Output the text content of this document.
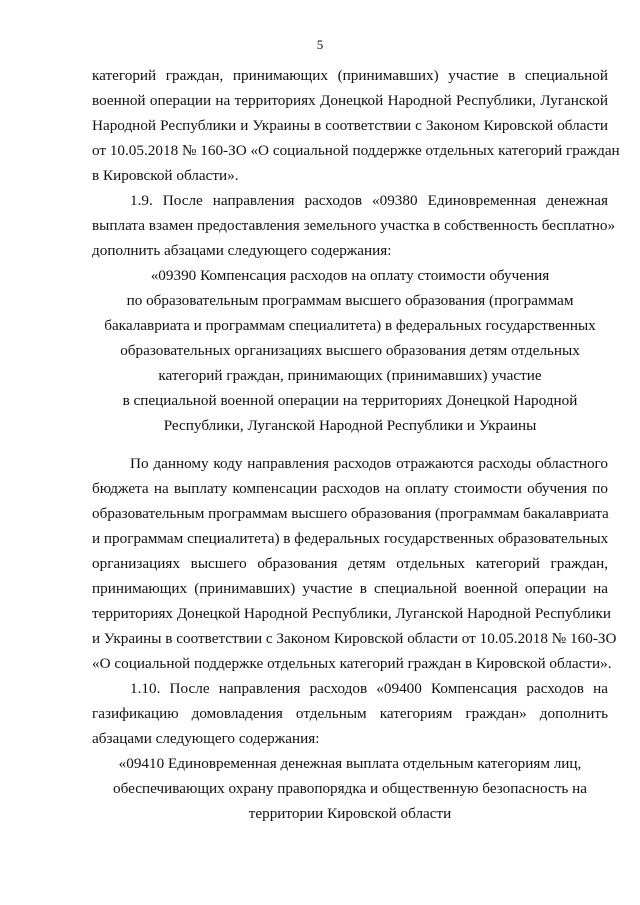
5
категорий граждан, принимающих (принимавших) участие в специальной
военной операции на территориях Донецкой Народной Республики, Луганской
Народной Республики и Украины в соответствии с Законом Кировской области
от 10.05.2018 № 160-ЗО «О социальной поддержке отдельных категорий граждан
в Кировской области».
1.9. После направления расходов «09380 Единовременная денежная
выплата взамен предоставления земельного участка в собственность бесплатно»
дополнить абзацами следующего содержания:
«09390 Компенсация расходов на оплату стоимости обучения
по образовательным программам высшего образования (программам
бакалавриата и программам специалитета) в федеральных государственных
образовательных организациях высшего образования детям отдельных
категорий граждан, принимающих (принимавших) участие
в специальной военной операции на территориях Донецкой Народной
Республики, Луганской Народной Республики и Украины
По данному коду направления расходов отражаются расходы областного
бюджета на выплату компенсации расходов на оплату стоимости обучения по
образовательным программам высшего образования (программам бакалавриата
и программам специалитета) в федеральных государственных образовательных
организациях высшего образования детям отдельных категорий граждан,
принимающих (принимавших) участие в специальной военной операции на
территориях Донецкой Народной Республики, Луганской Народной Республики
и Украины в соответствии с Законом Кировской области от 10.05.2018 № 160-ЗО
«О социальной поддержке отдельных категорий граждан в Кировской области».
1.10. После направления расходов «09400 Компенсация расходов на
газификацию домовладения отдельным категориям граждан» дополнить
абзацами следующего содержания:
«09410 Единовременная денежная выплата отдельным категориям лиц,
обеспечивающих охрану правопорядка и общественную безопасность на
территории Кировской области
